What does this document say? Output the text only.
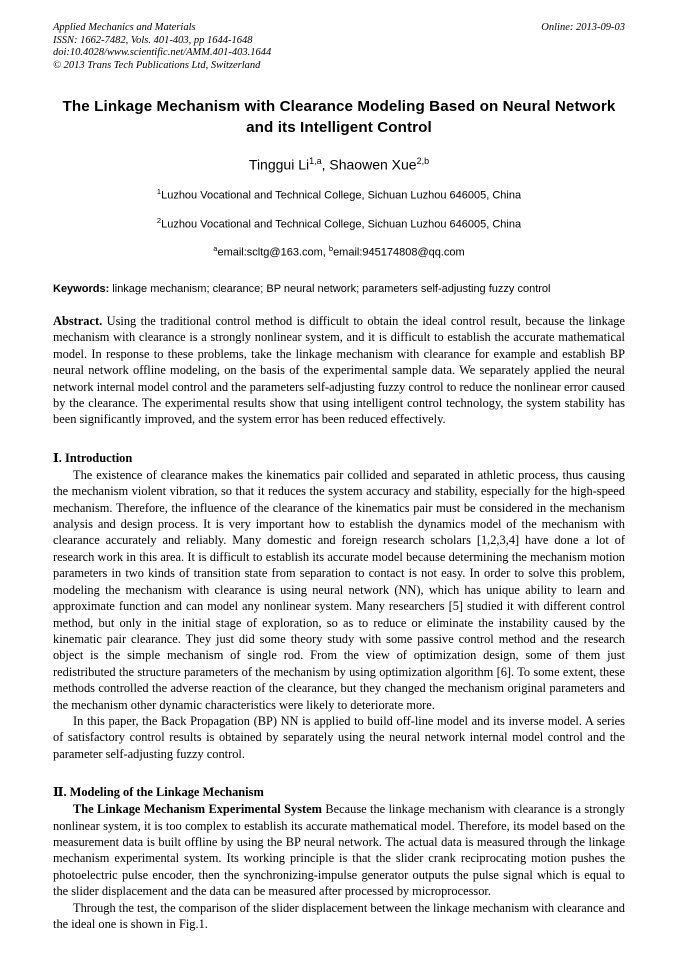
Applied Mechanics and Materials
ISSN: 1662-7482, Vols. 401-403, pp 1644-1648
doi:10.4028/www.scientific.net/AMM.401-403.1644
© 2013 Trans Tech Publications Ltd, Switzerland
Online: 2013-09-03
The Linkage Mechanism with Clearance Modeling Based on Neural Network and its Intelligent Control
Tinggui Li$^{1,a}$, Shaowen Xue$^{2,b}$
$^1$Luzhou Vocational and Technical College, Sichuan Luzhou 646005, China
$^2$Luzhou Vocational and Technical College, Sichuan Luzhou 646005, China
$^a$email:scltg@163.com, $^b$email:945174808@qq.com
Keywords: linkage mechanism; clearance; BP neural network; parameters self-adjusting fuzzy control
Abstract. Using the traditional control method is difficult to obtain the ideal control result, because the linkage mechanism with clearance is a strongly nonlinear system, and it is difficult to establish the accurate mathematical model. In response to these problems, take the linkage mechanism with clearance for example and establish BP neural network offline modeling, on the basis of the experimental sample data. We separately applied the neural network internal model control and the parameters self-adjusting fuzzy control to reduce the nonlinear error caused by the clearance. The experimental results show that using intelligent control technology, the system stability has been significantly improved, and the system error has been reduced effectively.
Ⅰ. Introduction

The existence of clearance makes the kinematics pair collided and separated in athletic process, thus causing the mechanism violent vibration, so that it reduces the system accuracy and stability, especially for the high-speed mechanism. Therefore, the influence of the clearance of the kinematics pair must be considered in the mechanism analysis and design process. It is very important how to establish the dynamics model of the mechanism with clearance accurately and reliably. Many domestic and foreign research scholars [1,2,3,4] have done a lot of research work in this area. It is difficult to establish its accurate model because determining the mechanism motion parameters in two kinds of transition state from separation to contact is not easy. In order to solve this problem, modeling the mechanism with clearance is using neural network (NN), which has unique ability to learn and approximate function and can model any nonlinear system. Many researchers [5] studied it with different control method, but only in the initial stage of exploration, so as to reduce or eliminate the instability caused by the kinematic pair clearance. They just did some theory study with some passive control method and the research object is the simple mechanism of single rod. From the view of optimization design, some of them just redistributed the structure parameters of the mechanism by using optimization algorithm [6]. To some extent, these methods controlled the adverse reaction of the clearance, but they changed the mechanism original parameters and the mechanism other dynamic characteristics were likely to deteriorate more.

In this paper, the Back Propagation (BP) NN is applied to build off-line model and its inverse model. A series of satisfactory control results is obtained by separately using the neural network internal model control and the parameter self-adjusting fuzzy control.

Ⅱ. Modeling of the Linkage Mechanism

The Linkage Mechanism Experimental System Because the linkage mechanism with clearance is a strongly nonlinear system, it is too complex to establish its accurate mathematical model. Therefore, its model based on the measurement data is built offline by using the BP neural network. The actual data is measured through the linkage mechanism experimental system. Its working principle is that the slider crank reciprocating motion pushes the photoelectric pulse encoder, then the synchronizing-impulse generator outputs the pulse signal which is equal to the slider displacement and the data can be measured after processed by microprocessor.

Through the test, the comparison of the slider displacement between the linkage mechanism with clearance and the ideal one is shown in Fig.1.
